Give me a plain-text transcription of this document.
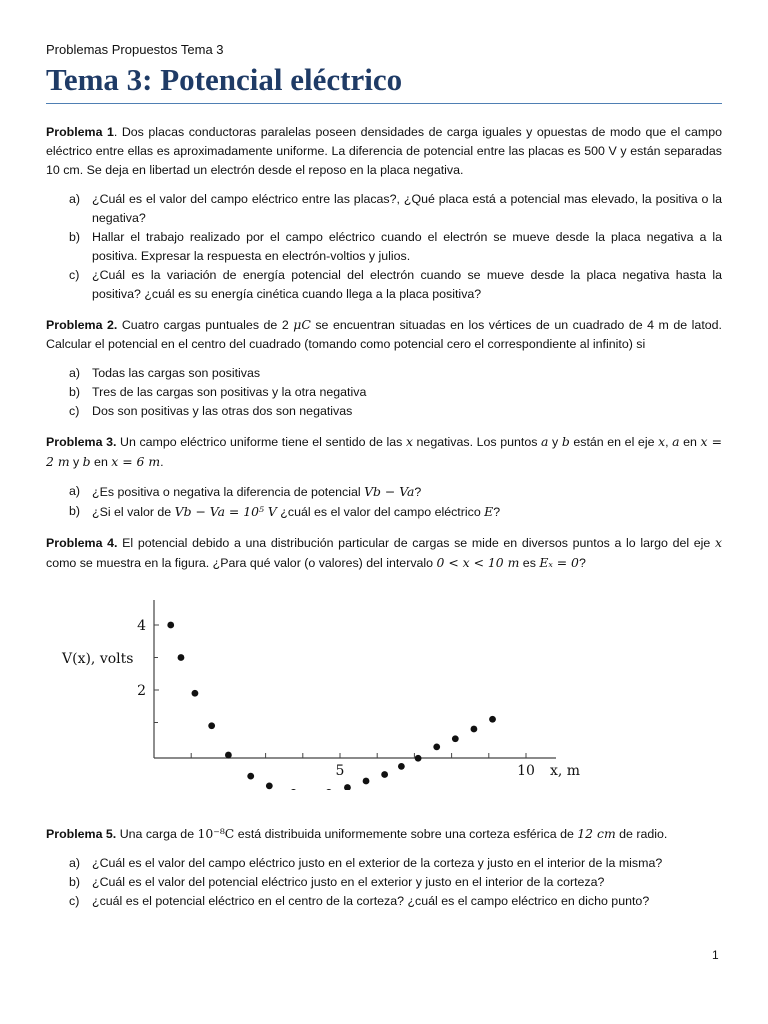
Problemas Propuestos Tema 3

Tema 3: Potencial eléctrico

Problema 1. Dos placas conductoras paralelas poseen densidades de carga iguales y opuestas de modo que el campo eléctrico entre ellas es aproximadamente uniforme. La diferencia de potencial entre las placas es 500 V y están separadas 10 cm. Se deja en libertad un electrón desde el reposo en la placa negativa.

a) ¿Cuál es el valor del campo eléctrico entre las placas?, ¿Qué placa está a potencial mas elevado, la positiva o la negativa?
b) Hallar el trabajo realizado por el campo eléctrico cuando el electrón se mueve desde la placa negativa a la positiva. Expresar la respuesta en electrón-voltios y julios.
c)	¿Cuál es la variación de energía potencial del electrón cuando se mueve desde la placa negativa hasta la positiva? ¿cuál es su energía cinética cuando llega a la placa positiva?

Problema 2. Cuatro cargas puntuales de 2 μC se encuentran situadas en los vértices de un cuadrado de 4 m de latod. Calcular el potencial en el centro del cuadrado (tomando como potencial cero el correspondiente al infinito) si

a) Todas las cargas son positivas
b) Tres de las cargas son positivas y la otra negativa
c)	Dos son positivas y las otras dos son negativas

Problema 3. Un campo eléctrico uniforme tiene el sentido de las x negativas. Los puntos a y b están en el eje x, a en x = 2 m y b en x = 6 m.

a) ¿Es positiva o negativa la diferencia de potencial Vb − Va?
b) ¿Si el valor de Vb − Va = 10⁵ V ¿cuál es el valor del campo eléctrico E?

Problema 4. El potencial debido a una distribución particular de cargas se mide en diversos puntos a lo largo del eje x como se muestra en la figura. ¿Para qué valor (o valores) del intervalo 0 < x < 10 m es Eₓ = 0?

4
2
5	10 x, m
V(x), volts

Problema 5. Una carga de 10⁻⁸C está distribuida uniformemente sobre una corteza esférica de 12 cm de radio.

a) ¿Cuál es el valor del campo eléctrico justo en el exterior de la corteza y justo en el interior de la misma?
b) ¿Cuál es el valor del potencial eléctrico justo en el exterior y justo en el interior de la corteza?
c)	¿cuál es el potencial eléctrico en el centro de la corteza? ¿cuál es el campo eléctrico en dicho punto?
1
